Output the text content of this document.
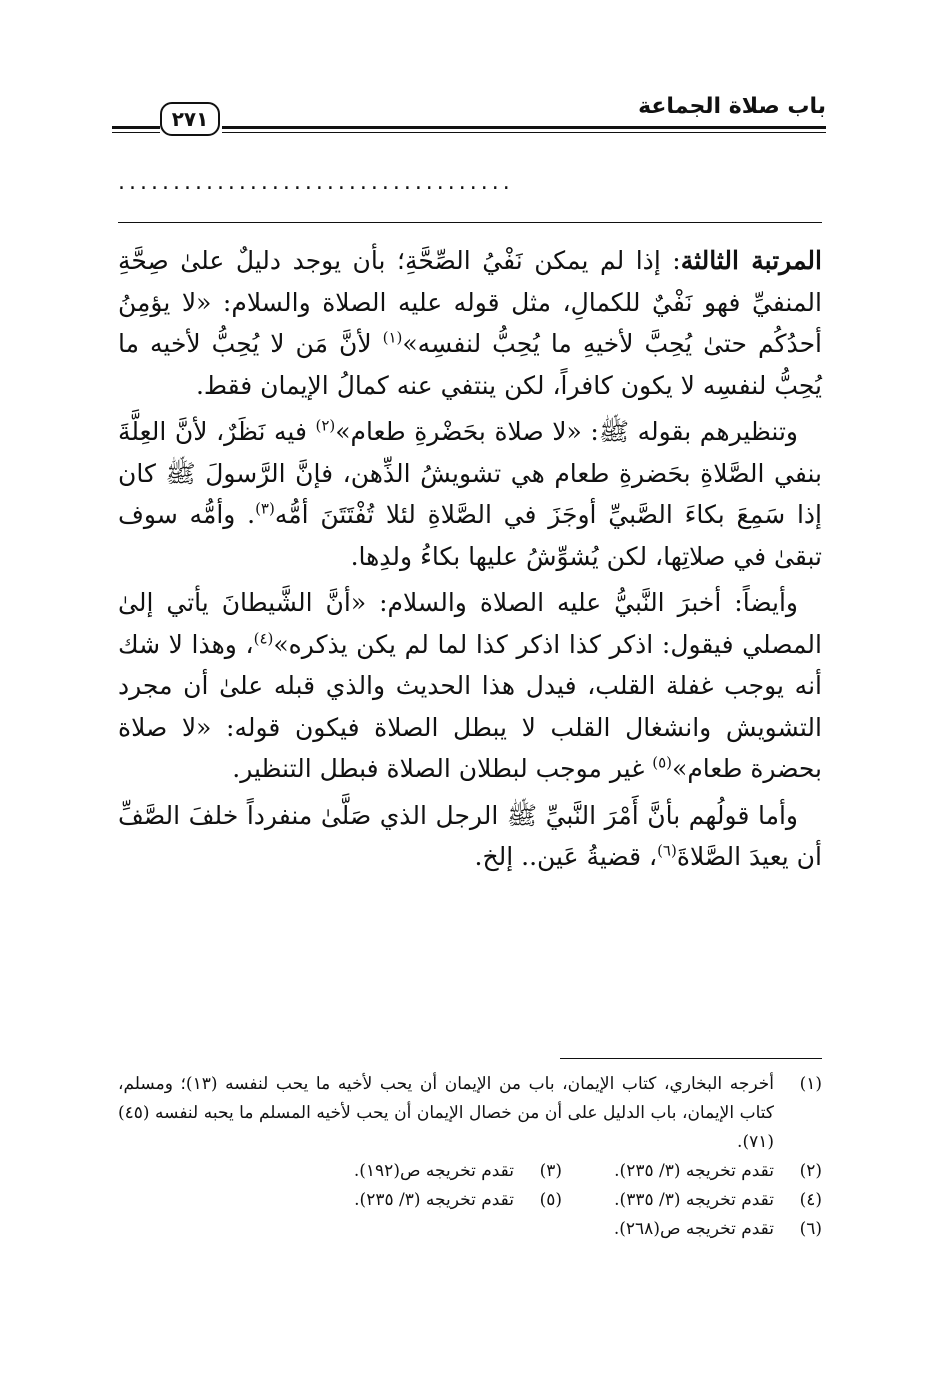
باب صلاة الجماعة
٢٧١
....................................

المرتبة الثالثة: إذا لم يمكن نَفْيُ الصِّحَّةِ؛ بأن يوجد دليلٌ علىٰ صِحَّةِ المنفيِّ فهو نَفْيٌ للكمالِ، مثل قوله عليه الصلاة والسلام: «لا يؤمِنُ أحدُكُم حتىٰ يُحِبَّ لأخيهِ ما يُحِبُّ لنفسِه»$^{(١)}$ لأنَّ مَن لا يُحِبُّ لأخيه ما يُحِبُّ لنفسِه لا يكون كافراً، لكن ينتفي عنه كمالُ الإيمان فقط.

وتنظيرهم بقوله ﷺ: «لا صلاة بحَضْرةِ طعام»$^{(٢)}$ فيه نَظَرٌ، لأنَّ العِلَّةَ بنفي الصَّلاةِ بحَضرةِ طعام هي تشويشُ الذِّهن، فإنَّ الرَّسولَ ﷺ كان إذا سَمِعَ بكاءَ الصَّبيِّ أوجَزَ في الصَّلاةِ لئلا تُفْتَتَنَ أمُّه$^{(٣)}$. وأمُّه سوف تبقىٰ في صلاتِها، لكن يُشوِّشُ عليها بكاءُ ولدِها.

وأيضاً: أخبرَ النَّبيُّ عليه الصلاة والسلام: «أنَّ الشَّيطانَ يأتي إلىٰ المصلي فيقول: اذكر كذا اذكر كذا لما لم يكن يذكره»$^{(٤)}$، وهذا لا شك أنه يوجب غفلة القلب، فيدل هذا الحديث والذي قبله علىٰ أن مجرد التشويش وانشغال القلب لا يبطل الصلاة فيكون قوله: «لا صلاة بحضرة طعام»$^{(٥)}$ غير موجب لبطلان الصلاة فبطل التنظير.

وأما قولُهم بأنَّ أَمْرَ النَّبيِّ ﷺ الرجل الذي صَلَّىٰ منفرداً خلفَ الصَّفِّ أن يعيدَ الصَّلاةَ$^{(٦)}$، قضيةُ عَين.. إلخ.

(١)
أخرجه البخاري، كتاب الإيمان، باب من الإيمان أن يحب لأخيه ما يحب لنفسه (١٣)؛ ومسلم، كتاب الإيمان، باب الدليل على أن من خصال الإيمان أن يحب لأخيه المسلم ما يحبه لنفسه (٤٥) (٧١).
(٢)
تقدم تخريجه (٣/ ٢٣٥).
(٣)
تقدم تخريجه ص(١٩٢).
(٤)
تقدم تخريجه (٣/ ٣٣٥).
(٥)
تقدم تخريجه (٣/ ٢٣٥).
(٦)
تقدم تخريجه ص(٢٦٨).
